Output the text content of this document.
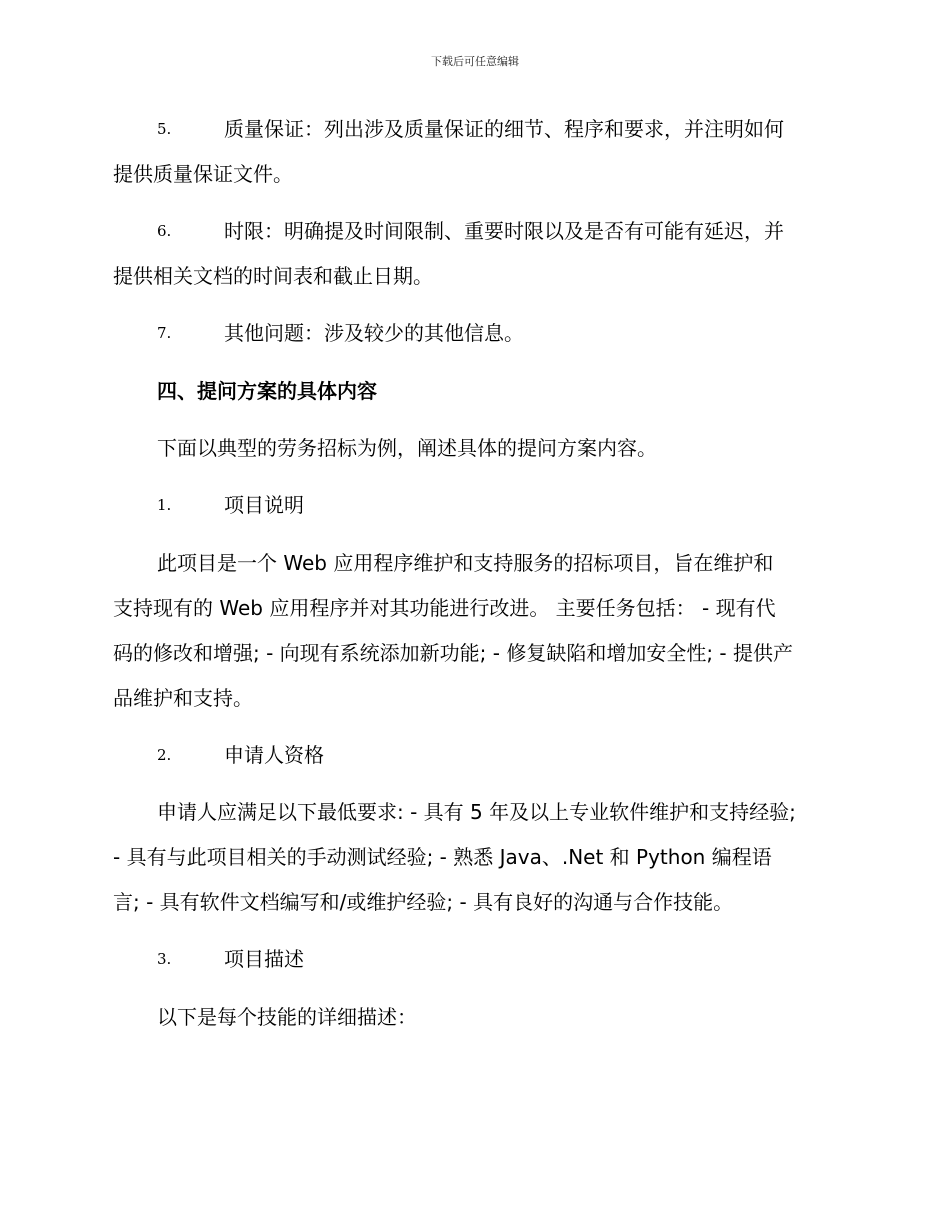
下载后可任意编辑
5.	质量保证：列出涉及质量保证的细节、程序和要求，并注明如何
提供质量保证文件。
6.	时限：明确提及时间限制、重要时限以及是否有可能有延迟，并
提供相关文档的时间表和截止日期。
7.	其他问题：涉及较少的其他信息。
四、提问方案的具体内容
下面以典型的劳务招标为例，阐述具体的提问方案内容。
1.	项目说明
此项目是一个 Web 应用程序维护和支持服务的招标项目，旨在维护和
支持现有的 Web 应用程序并对其功能进行改进。 主要任务包括： - 现有代
码的修改和增强; - 向现有系统添加新功能; - 修复缺陷和增加安全性; - 提供产
品维护和支持。
2.	申请人资格
申请人应满足以下最低要求: - 具有 5 年及以上专业软件维护和支持经验;
- 具有与此项目相关的手动测试经验; - 熟悉 Java、.Net 和 Python 编程语
言; - 具有软件文档编写和/或维护经验; - 具有良好的沟通与合作技能。
3.	项目描述
以下是每个技能的详细描述：
